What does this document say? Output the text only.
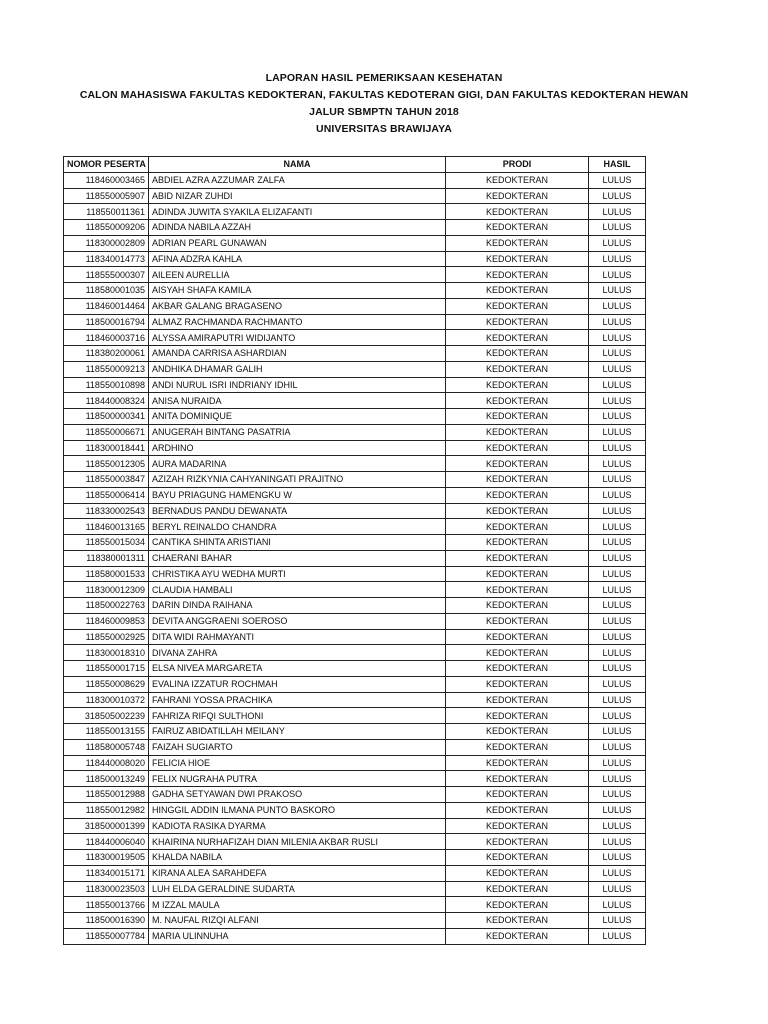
LAPORAN HASIL PEMERIKSAAN KESEHATAN
CALON MAHASISWA FAKULTAS KEDOKTERAN, FAKULTAS KEDOTERAN GIGI, DAN FAKULTAS KEDOKTERAN HEWAN
JALUR SBMPTN TAHUN 2018
UNIVERSITAS BRAWIJAYA
NOMOR PESERTA	NAMA	PRODI	HASIL
118460003465	ABDIEL AZRA AZZUMAR ZALFA	KEDOKTERAN	LULUS
118550005907	ABID NIZAR ZUHDI	KEDOKTERAN	LULUS
118550011361	ADINDA JUWITA SYAKILA ELIZAFANTI	KEDOKTERAN	LULUS
118550009206	ADINDA NABILA AZZAH	KEDOKTERAN	LULUS
118300002809	ADRIAN PEARL GUNAWAN	KEDOKTERAN	LULUS
118340014773	AFINA ADZRA KAHLA	KEDOKTERAN	LULUS
118555000307	AILEEN AURELLIA	KEDOKTERAN	LULUS
118580001035	AISYAH SHAFA KAMILA	KEDOKTERAN	LULUS
118460014464	AKBAR GALANG BRAGASENO	KEDOKTERAN	LULUS
118500016794	ALMAZ RACHMANDA RACHMANTO	KEDOKTERAN	LULUS
118460003716	ALYSSA AMIRAPUTRI WIDIJANTO	KEDOKTERAN	LULUS
118380200061	AMANDA CARRISA ASHARDIAN	KEDOKTERAN	LULUS
118550009213	ANDHIKA DHAMAR GALIH	KEDOKTERAN	LULUS
118550010898	ANDI NURUL ISRI INDRIANY IDHIL	KEDOKTERAN	LULUS
118440008324	ANISA NURAIDA	KEDOKTERAN	LULUS
118500000341	ANITA DOMINIQUE	KEDOKTERAN	LULUS
118550006671	ANUGERAH BINTANG PASATRIA	KEDOKTERAN	LULUS
118300018441	ARDHINO	KEDOKTERAN	LULUS
118550012305	AURA MADARINA	KEDOKTERAN	LULUS
118550003847	AZIZAH RIZKYNIA CAHYANINGATI PRAJITNO	KEDOKTERAN	LULUS
118550006414	BAYU PRIAGUNG HAMENGKU W	KEDOKTERAN	LULUS
118330002543	BERNADUS PANDU DEWANATA	KEDOKTERAN	LULUS
118460013165	BERYL REINALDO CHANDRA	KEDOKTERAN	LULUS
118550015034	CANTIKA SHINTA ARISTIANI	KEDOKTERAN	LULUS
118380001311	CHAERANI BAHAR	KEDOKTERAN	LULUS
118580001533	CHRISTIKA AYU WEDHA MURTI	KEDOKTERAN	LULUS
118300012309	CLAUDIA HAMBALI	KEDOKTERAN	LULUS
118500022763	DARIN DINDA RAIHANA	KEDOKTERAN	LULUS
118460009853	DEVITA ANGGRAENI SOEROSO	KEDOKTERAN	LULUS
118550002925	DITA WIDI RAHMAYANTI	KEDOKTERAN	LULUS
118300018310	DIVANA ZAHRA	KEDOKTERAN	LULUS
118550001715	ELSA NIVEA MARGARETA	KEDOKTERAN	LULUS
118550008629	EVALINA IZZATUR ROCHMAH	KEDOKTERAN	LULUS
118300010372	FAHRANI YOSSA PRACHIKA	KEDOKTERAN	LULUS
318505002239	FAHRIZA RIFQI SULTHONI	KEDOKTERAN	LULUS
118550013155	FAIRUZ ABIDATILLAH MEILANY	KEDOKTERAN	LULUS
118580005748	FAIZAH SUGIARTO	KEDOKTERAN	LULUS
118440008020	FELICIA HIOE	KEDOKTERAN	LULUS
118500013249	FELIX NUGRAHA PUTRA	KEDOKTERAN	LULUS
118550012988	GADHA SETYAWAN DWI PRAKOSO	KEDOKTERAN	LULUS
118550012982	HINGGIL ADDIN ILMANA PUNTO BASKORO	KEDOKTERAN	LULUS
318500001399	KADIOTA RASIKA DYARMA	KEDOKTERAN	LULUS
118440006040	KHAIRINA NURHAFIZAH DIAN MILENIA AKBAR RUSLI	KEDOKTERAN	LULUS
118300019505	KHALDA NABILA	KEDOKTERAN	LULUS
118340015171	KIRANA ALEA SARAHDEFA	KEDOKTERAN	LULUS
118300023503	LUH ELDA GERALDINE SUDARTA	KEDOKTERAN	LULUS
118550013766	M IZZAL MAULA	KEDOKTERAN	LULUS
118500016390	M. NAUFAL RIZQI ALFANI	KEDOKTERAN	LULUS
118550007784	MARIA ULINNUHA	KEDOKTERAN	LULUS
